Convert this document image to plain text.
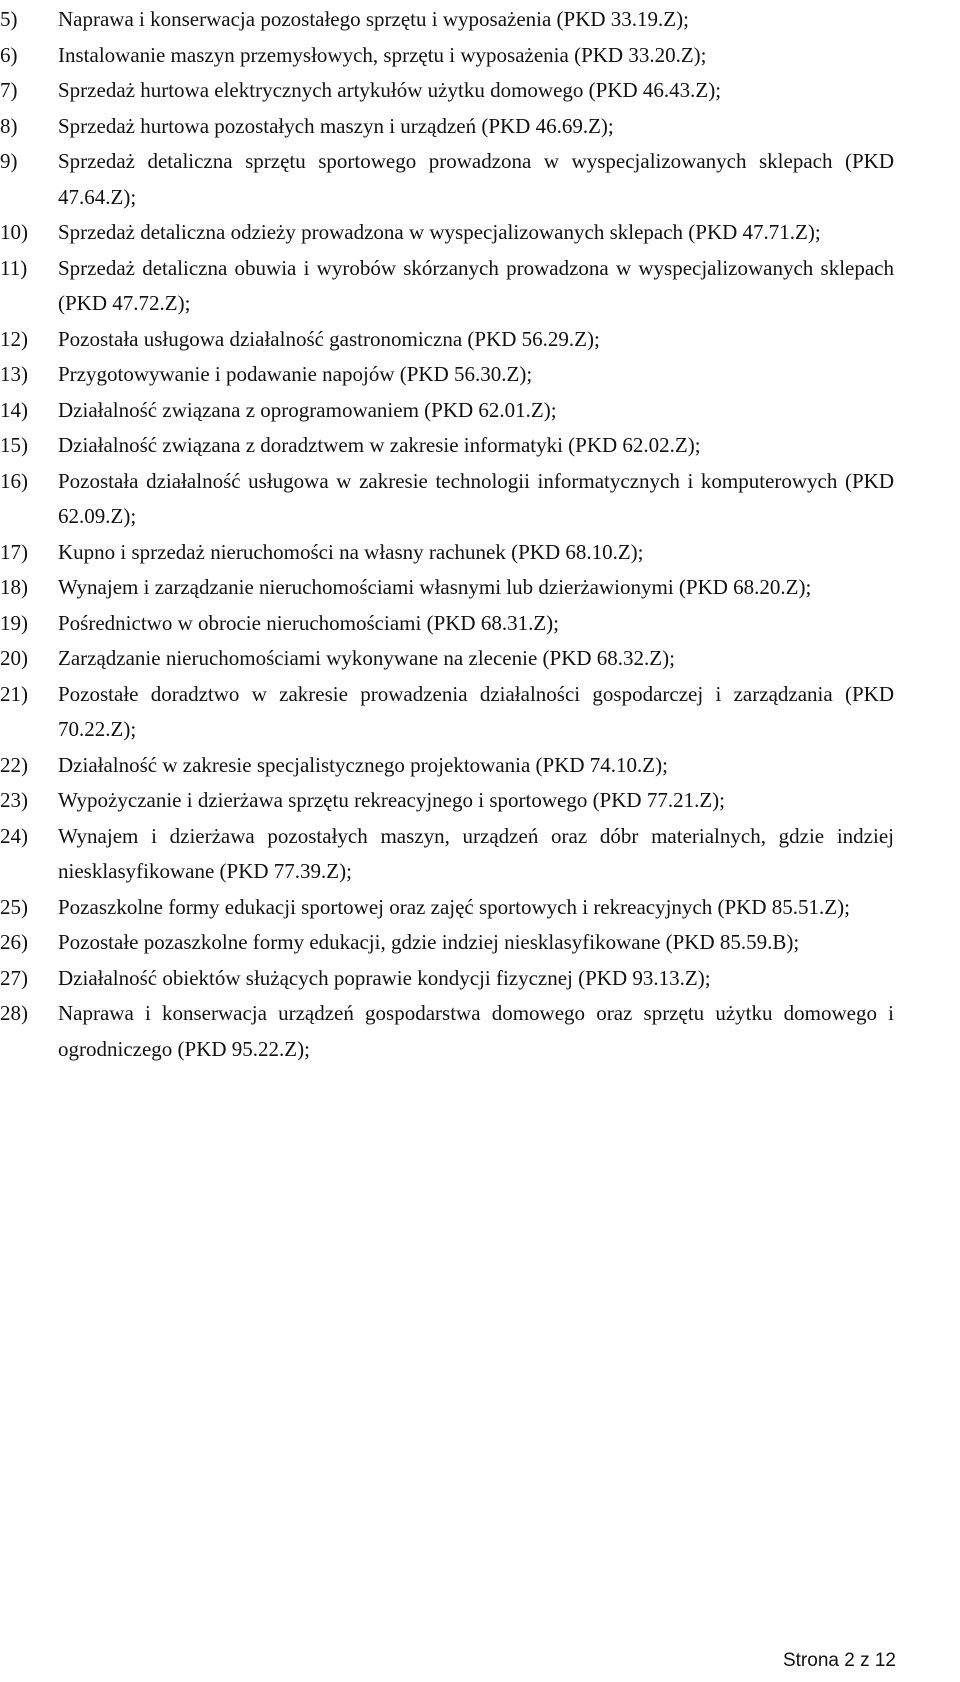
5)	Naprawa i konserwacja pozostałego sprzętu i wyposażenia (PKD 33.19.Z);
6)	Instalowanie maszyn przemysłowych, sprzętu i wyposażenia (PKD 33.20.Z);
7)	Sprzedaż hurtowa elektrycznych artykułów użytku domowego (PKD 46.43.Z);
8)	Sprzedaż hurtowa pozostałych maszyn i urządzeń (PKD 46.69.Z);
9)	Sprzedaż detaliczna sprzętu sportowego prowadzona w wyspecjalizowanych sklepach (PKD 47.64.Z);
10)	Sprzedaż detaliczna odzieży prowadzona w wyspecjalizowanych sklepach (PKD 47.71.Z);
11)	Sprzedaż detaliczna obuwia i wyrobów skórzanych prowadzona w wyspecjalizowanych sklepach (PKD 47.72.Z);
12)	Pozostała usługowa działalność gastronomiczna (PKD 56.29.Z);
13)	Przygotowywanie i podawanie napojów (PKD 56.30.Z);
14)	Działalność związana z oprogramowaniem (PKD 62.01.Z);
15)	Działalność związana z doradztwem w zakresie informatyki (PKD 62.02.Z);
16)	Pozostała działalność usługowa w zakresie technologii informatycznych i komputerowych (PKD 62.09.Z);
17)	Kupno i sprzedaż nieruchomości na własny rachunek (PKD 68.10.Z);
18)	Wynajem i zarządzanie nieruchomościami własnymi lub dzierżawionymi (PKD 68.20.Z);
19)	Pośrednictwo w obrocie nieruchomościami (PKD 68.31.Z);
20)	Zarządzanie nieruchomościami wykonywane na zlecenie (PKD 68.32.Z);
21)	Pozostałe doradztwo w zakresie prowadzenia działalności gospodarczej i zarządzania (PKD 70.22.Z);
22)	Działalność w zakresie specjalistycznego projektowania (PKD 74.10.Z);
23)	Wypożyczanie i dzierżawa sprzętu rekreacyjnego i sportowego (PKD 77.21.Z);
24)	Wynajem i dzierżawa pozostałych maszyn, urządzeń oraz dóbr materialnych, gdzie indziej niesklasyfikowane (PKD 77.39.Z);
25)	Pozaszkolne formy edukacji sportowej oraz zajęć sportowych i rekreacyjnych (PKD 85.51.Z);
26)	Pozostałe pozaszkolne formy edukacji, gdzie indziej niesklasyfikowane (PKD 85.59.B);
27)	Działalność obiektów służących poprawie kondycji fizycznej (PKD 93.13.Z);
28)	Naprawa i konserwacja urządzeń gospodarstwa domowego oraz sprzętu użytku domowego i ogrodniczego (PKD 95.22.Z);
Strona 2 z 12
